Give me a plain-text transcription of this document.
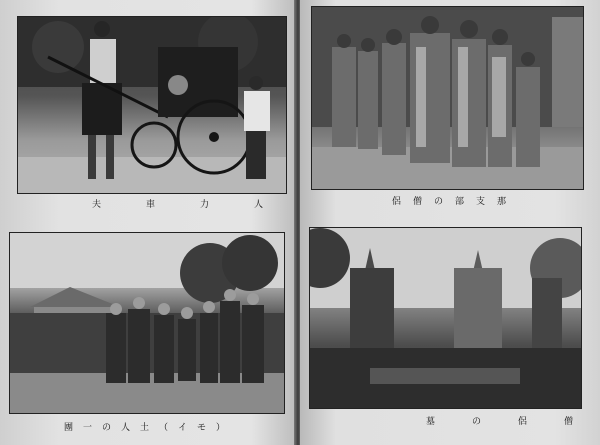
夫　車　力　人
團一の人土（イモ）
侶僧の部支那
墓　の　侶　僧
